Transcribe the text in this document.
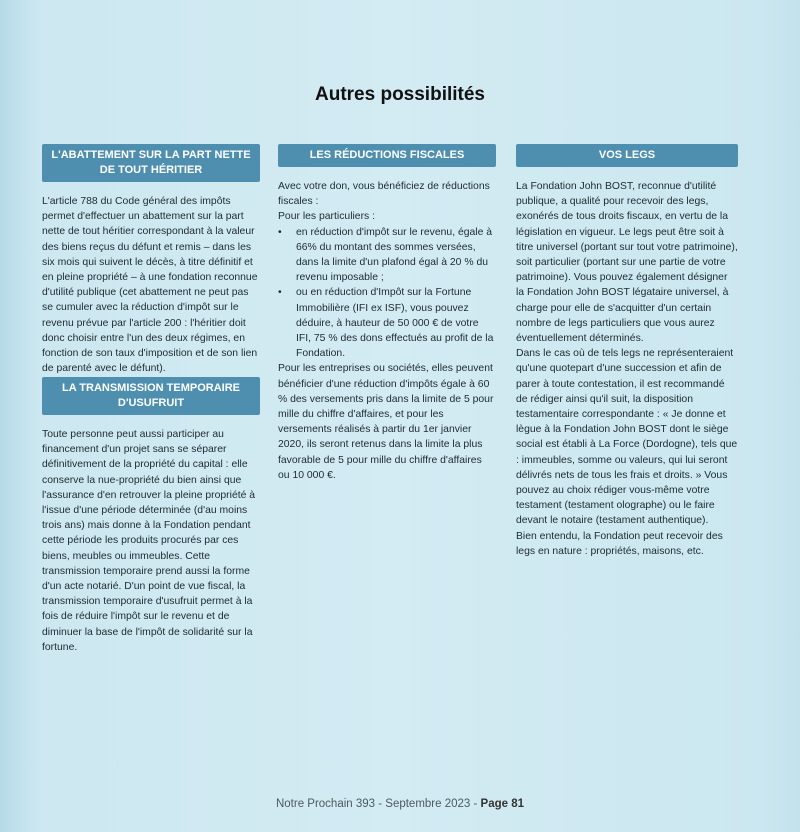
Autres possibilités
L'ABATTEMENT SUR LA PART NETTE DE TOUT HÉRITIER

L'article 788 du Code général des impôts permet d'effectuer un abattement sur la part nette de tout héritier correspondant à la valeur des biens reçus du défunt et remis – dans les six mois qui suivent le décès, à titre définitif et en pleine propriété – à une fondation reconnue d'utilité publique (cet abattement ne peut pas se cumuler avec la réduction d'impôt sur le revenu prévue par l'article 200 : l'héritier doit donc choisir entre l'un des deux régimes, en fonction de son taux d'imposition et de son lien de parenté avec le défunt).

LA TRANSMISSION TEMPORAIRE D'USUFRUIT

Toute personne peut aussi participer au financement d'un projet sans se séparer définitivement de la propriété du capital : elle conserve la nue-propriété du bien ainsi que l'assurance d'en retrouver la pleine propriété à l'issue d'une période déterminée (d'au moins trois ans) mais donne à la Fondation pendant cette période les produits procurés par ces biens, meubles ou immeubles. Cette transmission temporaire prend aussi la forme d'un acte notarié. D'un point de vue fiscal, la transmission temporaire d'usufruit permet à la fois de réduire l'impôt sur le revenu et de diminuer la base de l'impôt de solidarité sur la fortune.

LES RÉDUCTIONS FISCALES

Avec votre don, vous bénéficiez de réductions fiscales :

Pour les particuliers :

•	en réduction d'impôt sur le revenu, égale à 66% du montant des sommes versées, dans la limite d'un plafond égal à 20 % du revenu imposable ;
•	ou en réduction d'Impôt sur la Fortune Immobilière (IFI ex ISF), vous pouvez déduire, à hauteur de 50 000 € de votre IFI, 75 % des dons effectués au profit de la Fondation.

Pour les entreprises ou sociétés, elles peuvent bénéficier d'une réduction d'impôts égale à 60 % des versements pris dans la limite de 5 pour mille du chiffre d'affaires, et pour les versements réalisés à partir du 1er janvier 2020, ils seront retenus dans la limite la plus favorable de 5 pour mille du chiffre d'affaires ou 10 000 €.

VOS LEGS

La Fondation John BOST, reconnue d'utilité publique, a qualité pour recevoir des legs, exonérés de tous droits fiscaux, en vertu de la législation en vigueur. Le legs peut être soit à titre universel (portant sur tout votre patrimoine), soit particulier (portant sur une partie de votre patrimoine). Vous pouvez également désigner la Fondation John BOST légataire universel, à charge pour elle de s'acquitter d'un certain nombre de legs particuliers que vous aurez éventuellement déterminés.

Dans le cas où de tels legs ne représenteraient qu'une quotepart d'une succession et afin de parer à toute contestation, il est recommandé de rédiger ainsi qu'il suit, la disposition testamentaire correspondante : « Je donne et lègue à la Fondation John BOST dont le siège social est établi à La Force (Dordogne), tels que : immeubles, somme ou valeurs, qui lui seront délivrés nets de tous les frais et droits. » Vous pouvez au choix rédiger vous-même votre testament (testament olographe) ou le faire devant le notaire (testament authentique).

Bien entendu, la Fondation peut recevoir des legs en nature : propriétés, maisons, etc.

Notre Prochain 393 - Septembre 2023 - Page 81
